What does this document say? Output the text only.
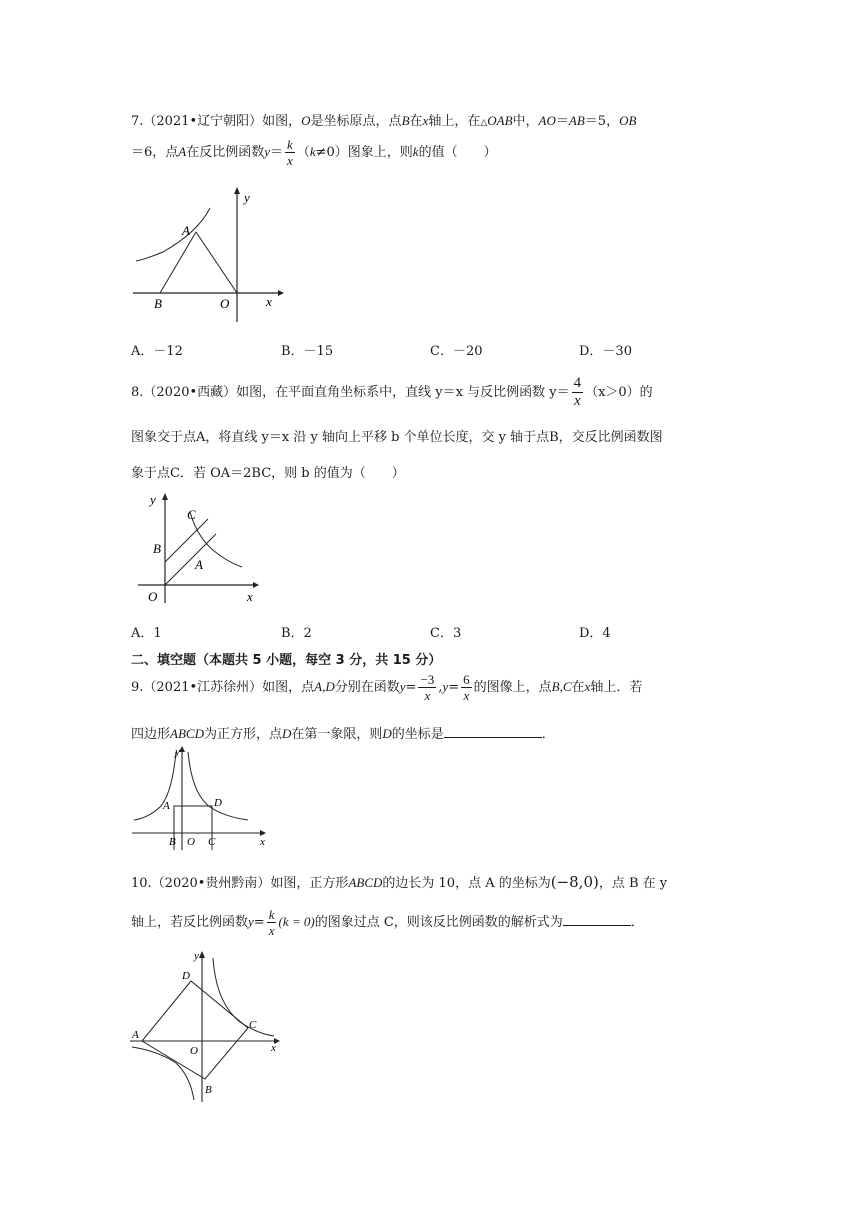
7.（2021•辽宁朝阳）如图，O是坐标原点，点B在x轴上，在△OAB中，AO＝AB＝5，OB
＝6，点A在反比例函数$y= \frac{k}{x} (k\ne 0)$图象上，则k的值（　　）
y
A
B	O	x
A．－12	B．－15	C．－20	D．－30
8.（2020•西藏）如图，在平面直角坐标系中，直线 y＝x 与反比例函数 $y= \frac{4}{x} (x>0)$的
图象交于点A，将直线 y＝x 沿 y 轴向上平移 b 个单位长度，交 y 轴于点B，交反比例函数图
象于点C．若 OA＝2BC，则 b 的值为（　　）
y
C
B
A
O	x
A．1	B．2	C．3	D．4
二、填空题（本题共 5 小题，每空 3 分，共 15 分）
9.（2021•江苏徐州）如图，点A,D分别在函数$y= \frac{-3}{x} ,y= \frac{6}{x}$ 的图像上，点B,C在x轴上．若
四边形ABCD为正方形，点D在第一象限，则D的坐标是	．
y
A	D
B O C	x
10.（2020•贵州黔南）如图，正方形ABCD的边长为 10，点 A 的坐标为(−8,0)，点 B 在 y
轴上，若反比例函数$y= \frac{k}{x} (k = 0)$的图象过点 C，则该反比例函数的解析式为	．
y
D
C
A
O	x
B
